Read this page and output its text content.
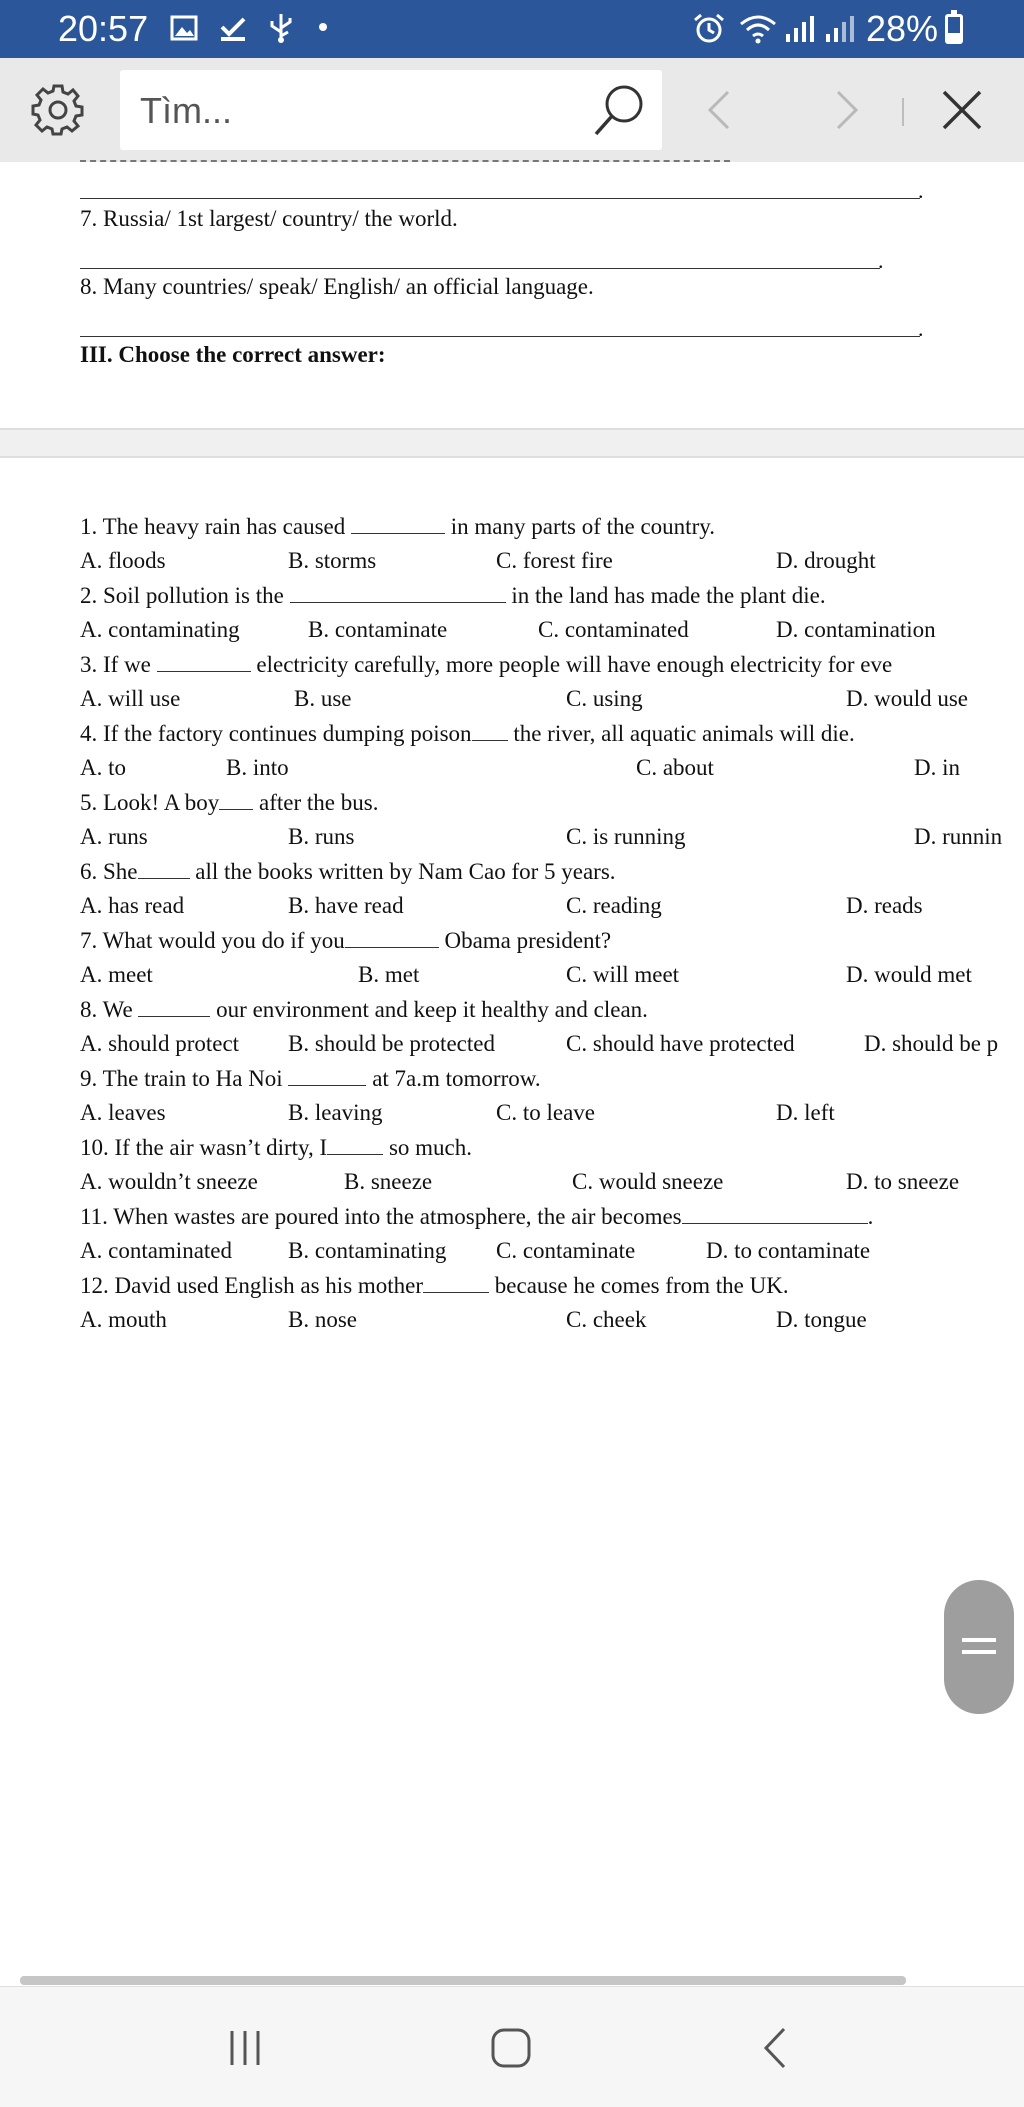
20:57	28%
Tìm...
.
7. Russia/ 1st largest/ country/ the world.
.
8. Many countries/ speak/ English/ an official language.
.
III. Choose the correct answer:
1. The heavy rain has caused	in many parts of the country.
A. floods	B. storms	C. forest fire	D. drought
2. Soil pollution is the	in the land has made the plant die.
A. contaminating	B. contaminate	C. contaminated	D. contamination
3. If we	electricity carefully, more people will have enough electricity for eve
A. will use	B. use	C. using	D. would use
4. If the factory continues dumping poison the river, all aquatic animals will die.
A. to	B. into	C. about	D. in
5. Look! A boy after the bus.
A. runs	B. runs	C. is running	D. runnin
6. She	all the books written by Nam Cao for 5 years.
A. has read	B. have read	C. reading	D. reads
7. What would you do if you	Obama president?
A. meet	B. met	C. will meet	D. would met
8. We	our environment and keep it healthy and clean.
A. should protect B. should be protected	C. should have protected	D. should be p
9. The train to Ha Noi	at 7a.m tomorrow.
A. leaves	B. leaving	C. to leave	D. left
10. If the air wasn’t dirty, I	so much.
A. wouldn’t sneeze	B. sneeze	C. would sneeze	D. to sneeze
11. When wastes are poured into the atmosphere, the air becomes	.
A. contaminated B. contaminating C. contaminate	D. to contaminate
12. David used English as his mother	because he comes from the UK.
A. mouth	B. nose	C. cheek	D. tongue
